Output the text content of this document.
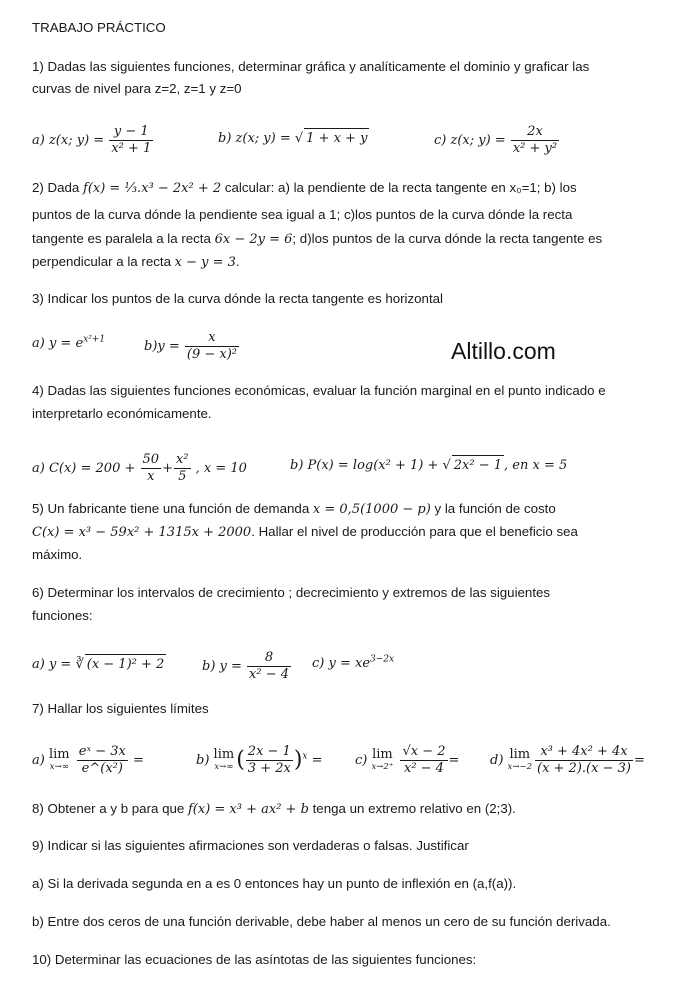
TRABAJO PRÁCTICO
1) Dadas las siguientes funciones, determinar gráfica y analíticamente el dominio y graficar las
curvas de nivel para z=2, z=1 y z=0
a) z(x; $y) = \frac{y - 1}{\text{x² + 1}}$	b) z(x; y) = √ 1 + x + y	c) z(x; $y) = \frac{2x}{\text{x² + y²}}$
2) Dada f(x) = ⅓.x³ − 2x² + 2 calcular: a) la pendiente de la recta tangente en x₀=1; b) los
puntos de la curva dónde la pendiente sea igual a 1; c)los puntos de la curva dónde la recta
tangente es paralela a la recta 6x − 2y = 6; d)los puntos de la curva dónde la recta tangente es
perpendicular a la recta x − y = 3.
3) Indicar los puntos de la curva dónde la recta tangente es horizontal
a) $y = e^{x^2+1}$	$b)y = \frac{x}{\text{(9 − x)²}}$	Altillo.com
4) Dadas las siguientes funciones económicas, evaluar la función marginal en el punto indicado e
interpretarlo económicamente.
a) $C(x) = 200 + \frac{50}{x} + \frac{\text{x²}}{5}$ , x = 10	b) P(x) = log(x² + 1) + √ 2x² − 1 , en x = 5
5) Un fabricante tiene una función de demanda x = 0,5(1000 − p) y la función de costo
C(x) = x³ − 59x² + 1315x + 2000. Hallar el nivel de producción para que el beneficio sea
máximo.
6) Determinar los intervalos de crecimiento ; decrecimiento y extremos de las siguientes
funciones:
a) y = ∛ (x − 1)² + 2	b) $y = \frac{8}{\text{x² − 4}} c$) $y = xe^{3-2x}$
7) Hallar los siguientes límites
a) lim
x→∞
$\frac{\text{eˣ − 3x}}{\text{e\textasciicircum{}(x²)}}$ =	b) lim
x→∞ ( $\frac{2x - 1}{3 + 2x} )^x = c$) lim
x→2⁺
$\frac{√x - 2}{\text{x² − 4}} = d$) lim
$x\to-2 \frac{\text{x³ + 4x² + 4x}}{(x + 2).(x - 3)}$ =
8) Obtener a y b para que f(x) = x³ + ax² + b tenga un extremo relativo en (2;3).
9) Indicar si las siguientes afirmaciones son verdaderas o falsas. Justificar
a) Si la derivada segunda en a es 0 entonces hay un punto de inflexión en (a,f(a)).
b) Entre dos ceros de una función derivable, debe haber al menos un cero de su función derivada.
10) Determinar las ecuaciones de las asíntotas de las siguientes funciones:
